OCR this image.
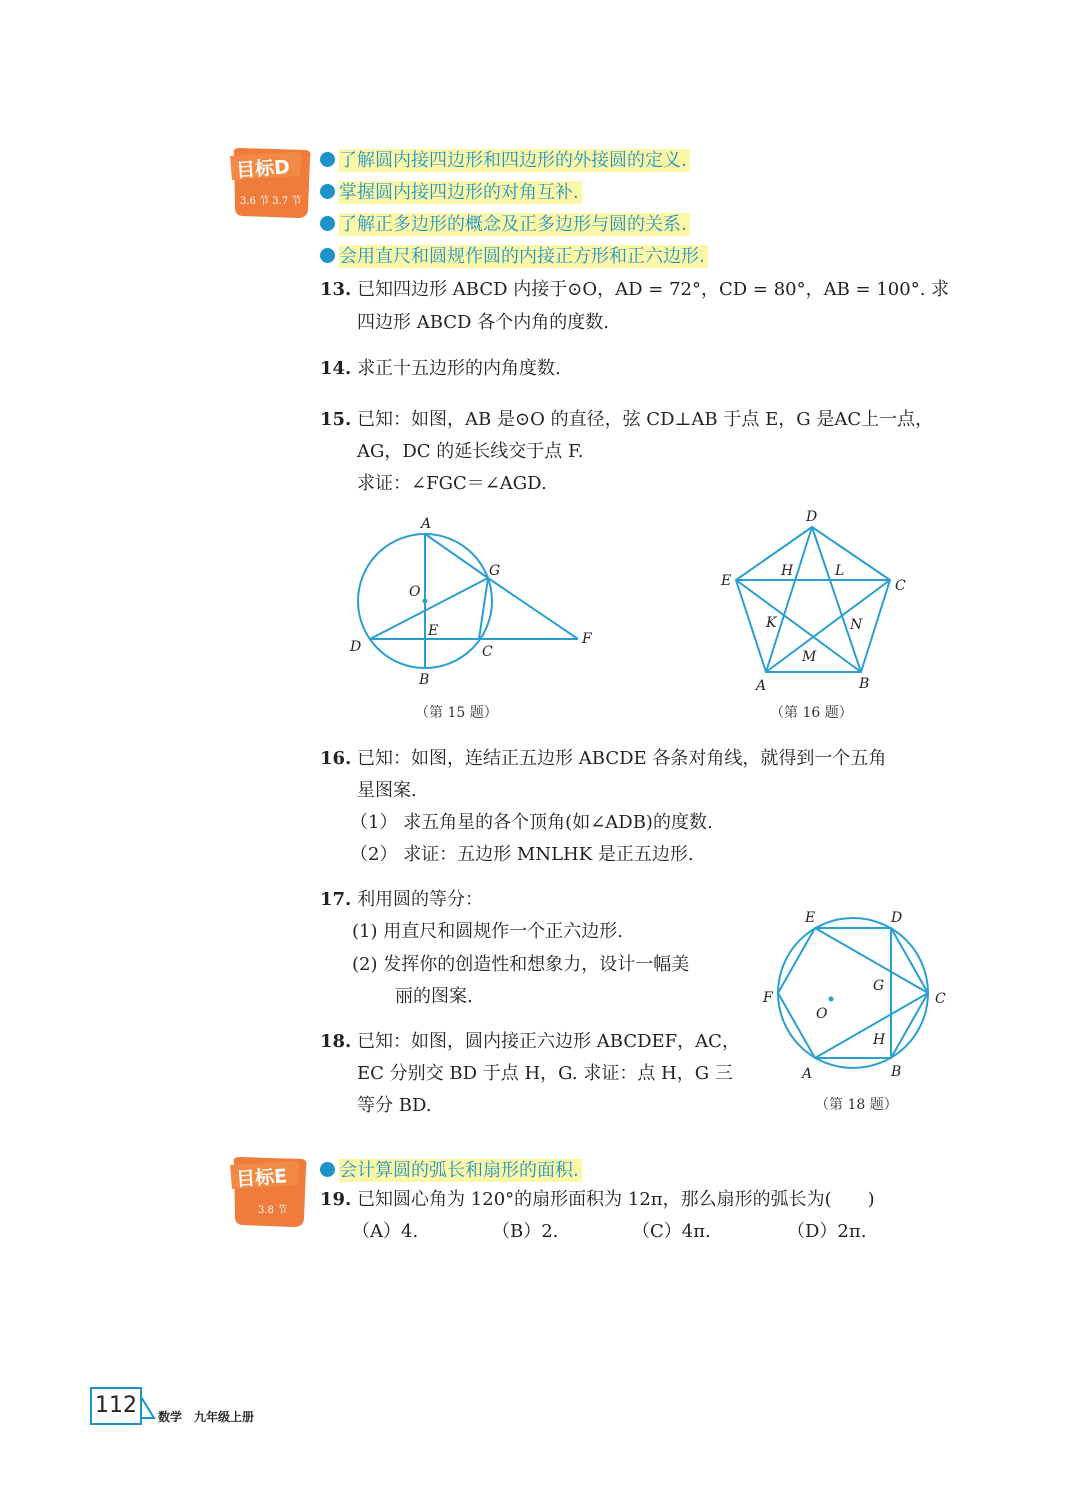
目标D
3.6 节 3.7 节
了解圆内接四边形和四边形的外接圆的定义.
掌握圆内接四边形的对角互补.
了解正多边形的概念及正多边形与圆的关系.
会用直尺和圆规作圆的内接正方形和正六边形.
13. 已知四边形 ABCD 内接于⊙O，AD = 72°，CD = 80°，AB = 100°. 求
四边形 ABCD 各个内角的度数.
14. 求正十五边形的内角度数.
15. 已知：如图，AB 是⊙O 的直径，弦 CD⊥AB 于点 E，G 是AC上一点，
AG，DC 的延长线交于点 F.
求证：∠FGC＝∠AGD.
A
B
C
D
E	F
G
O
（第 15 题）
D
E	C
A	B
H	L
K	N
M
（第 16 题）
16. 已知：如图，连结正五边形 ABCDE 各条对角线，就得到一个五角
星图案.
（1） 求五角星的各个顶角(如∠ADB)的度数.
（2） 求证：五边形 MNLHK 是正五边形.
17. 利用圆的等分：
(1) 用直尺和圆规作一个正六边形.
(2) 发挥你的创造性和想象力，设计一幅美
丽的图案.
18. 已知：如图，圆内接正六边形 ABCDEF，AC，
EC 分别交 BD 于点 H，G. 求证：点 H，G 三
等分 BD.
E	D
F	C
G
O
H
A	B
（第 18 题）
目标E
3.8 节
会计算圆的弧长和扇形的面积.
19. 已知圆心角为 120°的扇形面积为 12π，那么扇形的弧长为(　　)
（A）4.	（B）2.	（C）4π.	（D）2π.
112	数学　九年级上册
